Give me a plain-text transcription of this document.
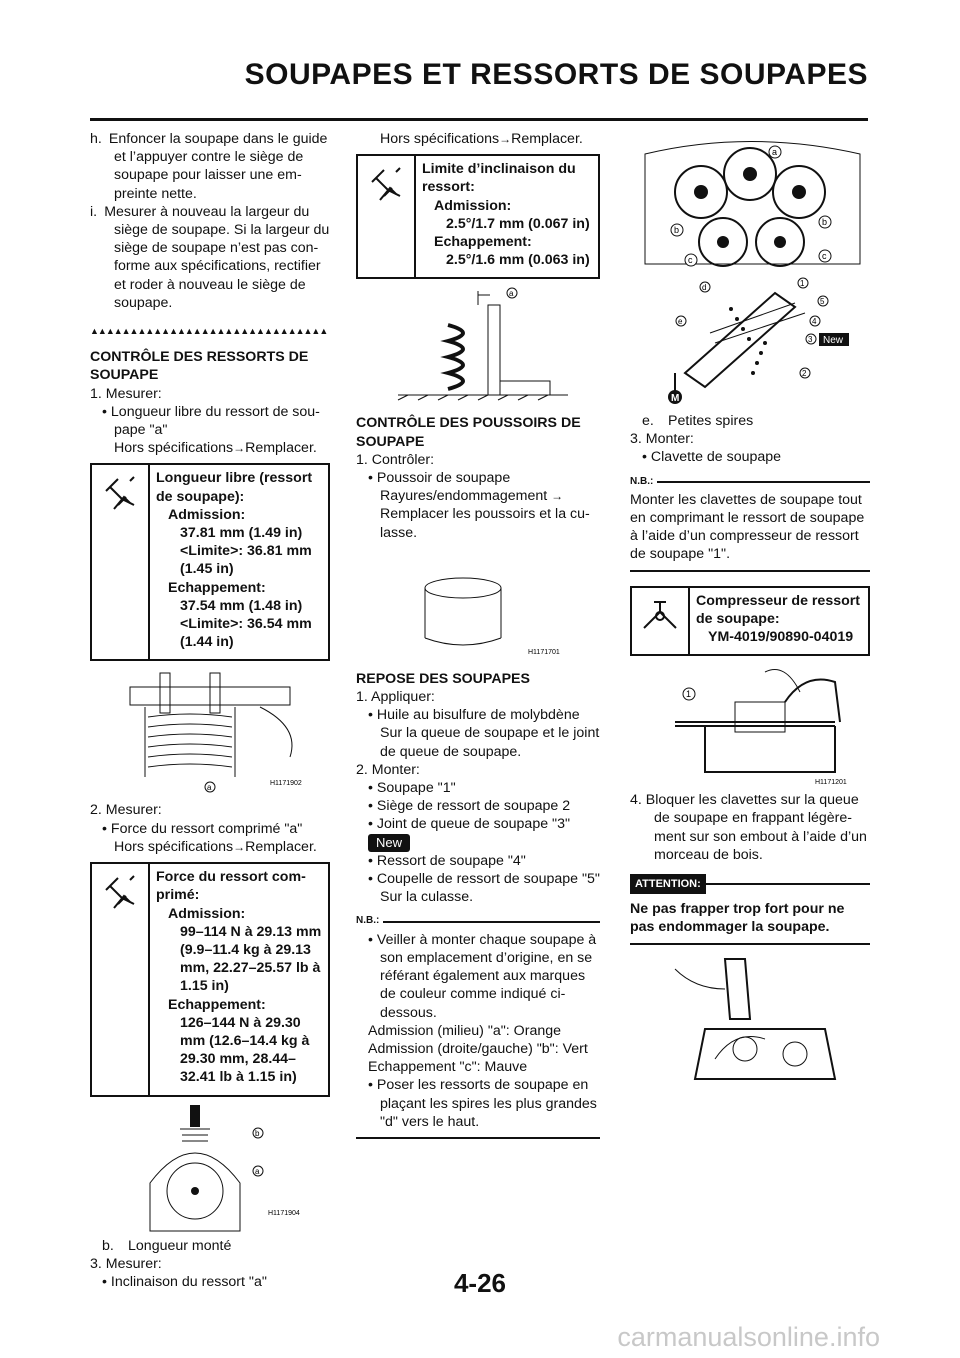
SOUPAPES ET RESSORTS DE SOUPAPES

h. Enfoncer la soupape dans le guide et l’appuyer contre le siège de soupape pour laisser une em-preinte nette.

i. Mesurer à nouveau la largeur du siège de soupape. Si la largeur du siège de soupape n’est pas con-forme aux spécifications, rectifier et roder à nouveau le siège de soupape.

▲▲▲▲▲▲▲▲▲▲▲▲▲▲▲▲▲▲▲▲▲▲▲▲▲▲▲▲▲▲

CONTRÔLE DES RESSORTS DE SOUPAPE

1. Mesurer:

• Longueur libre du ressort de sou-pape "a"

Hors spécifications→Remplacer.

Longueur libre (ressort de soupape):

Admission:

37.81 mm (1.49 in)

<Limite>: 36.81 mm (1.45 in)

Echappement:

37.54 mm (1.48 in)

<Limite>: 36.54 mm (1.44 in)

a	H1171902

2. Mesurer:

• Force du ressort comprimé "a"

Hors spécifications→Remplacer.

Force du ressort com-primé:

Admission:

99–114 N à 29.13 mm (9.9–11.4 kg à 29.13 mm, 22.27–25.57 lb à 1.15 in)

Echappement:

126–144 N à 29.30 mm (12.6–14.4 kg à 29.30 mm, 28.44–32.41 lb à 1.15 in)

b
a
H1171904

b.  Longueur monté

3. Mesurer:

• Inclinaison du ressort "a"

Hors spécifications→Remplacer.

Limite d’inclinaison du ressort:

Admission:

2.5°/1.7 mm (0.067 in)

Echappement:

2.5°/1.6 mm (0.063 in)

a

CONTRÔLE DES POUSSOIRS DE SOUPAPE

1. Contrôler:

• Poussoir de soupape

Rayures/endommagement →

Remplacer les poussoirs et la cu-lasse.

H1171701

REPOSE DES SOUPAPES

1. Appliquer:

• Huile au bisulfure de molybdène

Sur la queue de soupape et le joint de queue de soupape.

2. Monter:

• Soupape "1"

• Siège de ressort de soupape 2

• Joint de queue de soupape "3"

New

• Ressort de soupape "4"

• Coupelle de ressort de soupape "5"

Sur la culasse.

N.B.:

• Veiller à monter chaque soupape à son emplacement d’origine, en se référant également aux marques de couleur comme indiqué ci-dessous.

Admission (milieu) "a": Orange

Admission (droite/gauche) "b": Vert

Echappement "c": Mauve

• Poser les ressorts de soupape en plaçant les spires les plus grandes "d" vers le haut.

a
b
b
c	c
M
d	1
5
e	4
3 New
2

e.  Petites spires

3. Monter:

• Clavette de soupape

N.B.:

Monter les clavettes de soupape tout en comprimant le ressort de soupape à l’aide d’un compresseur de ressort de soupape "1".

Compresseur de ressort de soupape:

YM-4019/90890-04019

1
H1171201

4. Bloquer les clavettes sur la queue de soupape en frappant légère-ment sur son embout à l’aide d’un morceau de bois.

ATTENTION:

Ne pas frapper trop fort pour ne pas endommager la soupape.

4-26
carmanualsonline.info
